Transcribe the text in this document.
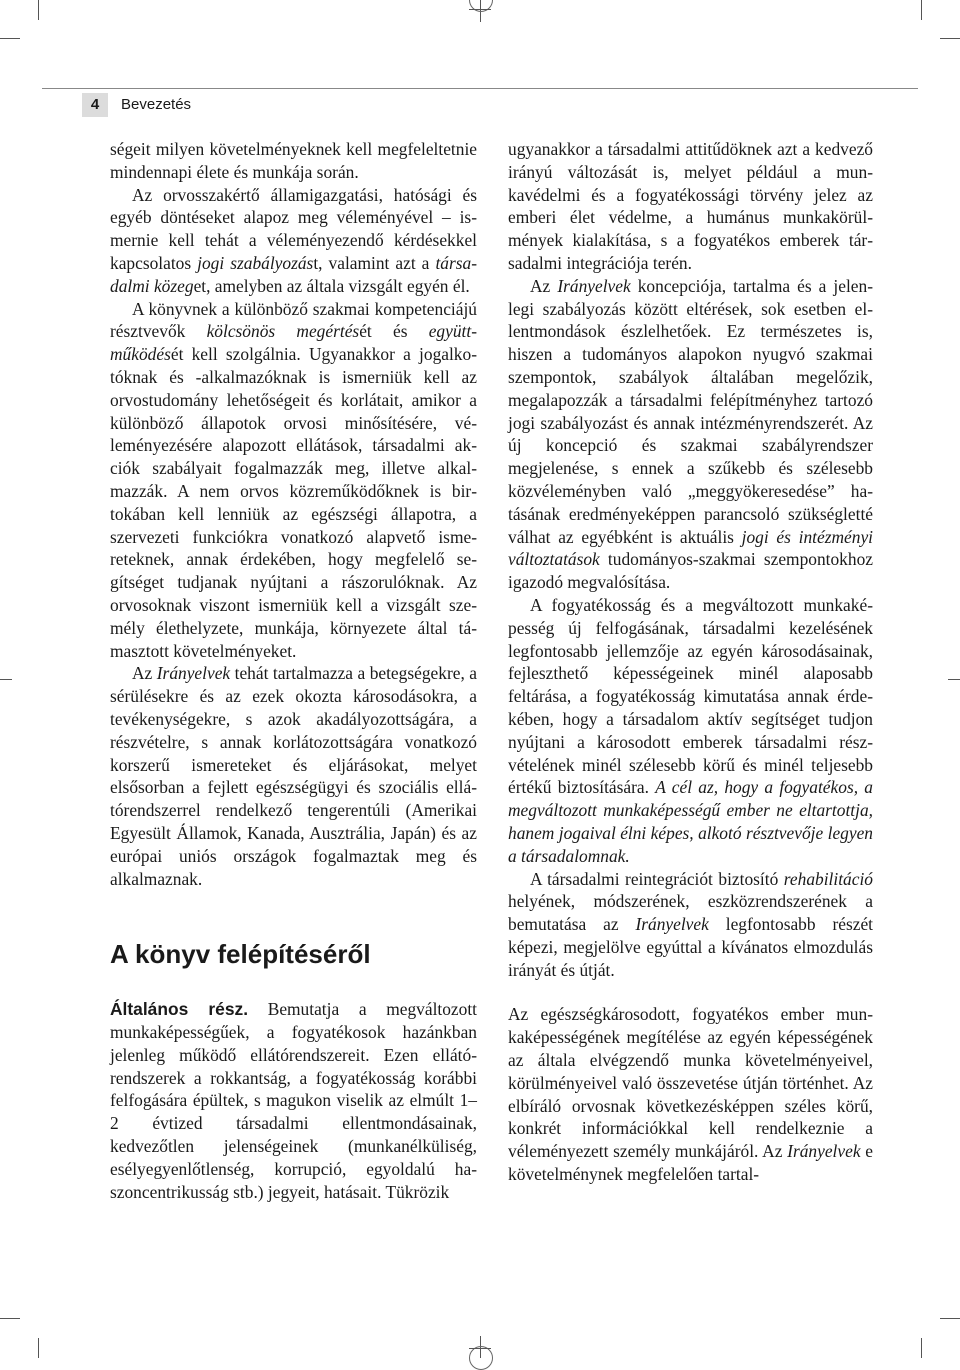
4	Bevezetés

ségeit milyen követelményeknek kell megfeleltetnie mindennapi élete és munkája során.

Az orvosszakértő államigazgatási, hatósági és egyéb döntéseket alapoz meg véleményével – ismernie kell tehát a véleményezendő kérdésekkel kapcsolatos jogi szabályozást, valamint azt a társadalmi közeget, amelyben az általa vizsgált egyén él.

A könyvnek a különböző szakmai kompetenciájú résztvevők kölcsönös megértését és együttműködését kell szolgálnia. Ugyanakkor a jogalkotóknak és -alkalmazóknak is ismerniük kell az orvostudomány lehetőségeit és korlátait, amikor a különböző állapotok orvosi minősítésére, véleményezésére alapozott ellátások, társadalmi akciók szabályait fogalmazzák meg, illetve alkalmazzák. A nem orvos közreműködőknek is birtokában kell lenniük az egészségi állapotra, a szervezeti funkciókra vonatkozó alapvető ismereteknek, annak érdekében, hogy megfelelő segítséget tudjanak nyújtani a rászorulóknak. Az orvosoknak viszont ismerniük kell a vizsgált személy élethelyzete, munkája, környezete által támasztott követelményeket.

Az Irányelvek tehát tartalmazza a betegségekre, a sérülésekre és az ezek okozta károsodásokra, a tevékenységekre, s azok akadályozottságára, a részvételre, s annak korlátozottságára vonatkozó korszerű ismereteket és eljárásokat, melyet elsősorban a fejlett egészségügyi és szociális ellátórendszerrel rendelkező tengerentúli (Amerikai Egyesült Államok, Kanada, Ausztrália, Japán) és az európai uniós országok fogalmaztak meg és alkalmaznak.

A könyv felépítéséről

Általános rész. Bemutatja a megváltozott munkaképességűek, a fogyatékosok hazánkban jelenleg működő ellátórendszereit. Ezen ellátórendszerek a rokkantság, a fogyatékosság korábbi felfogására épültek, s magukon viselik az elmúlt 1–2 évtized társadalmi ellentmondásainak, kedvezőtlen jelenségeinek (munkanélküliség, esélyegyenlőtlenség, korrupció, egyoldalú haszoncentrikusság stb.) jegyeit, hatásait. Tükrözik

ugyanakkor a társadalmi attitűdöknek azt a kedvező irányú változását is, melyet például a munkavédelmi és a fogyatékossági törvény jelez az emberi élet védelme, a humánus munkakörülmények kialakítása, s a fogyatékos emberek társadalmi integrációja terén.

Az Irányelvek koncepciója, tartalma és a jelenlegi szabályozás között eltérések, sok esetben ellentmondások észlelhetőek. Ez természetes is, hiszen a tudományos alapokon nyugvó szakmai szempontok, szabályok általában megelőzik, megalapozzák a társadalmi felépítményhez tartozó jogi szabályozást és annak intézményrendszerét. Az új koncepció és szakmai szabályrendszer megjelenése, s ennek a szűkebb és szélesebb közvéleményben való „meggyökeresedése” hatásának eredményeképpen parancsoló szükségletté válhat az egyébként is aktuális jogi és intézményi változtatások tudományos-szakmai szempontokhoz igazodó megvalósítása.

A fogyatékosság és a megváltozott munkaképesség új felfogásának, társadalmi kezelésének legfontosabb jellemzője az egyén károsodásainak, fejleszthető képességeinek minél alaposabb feltárása, a fogyatékosság kimutatása annak érdekében, hogy a társadalom aktív segítséget tudjon nyújtani a károsodott emberek társadalmi részvételének minél szélesebb körű és minél teljesebb értékű biztosítására. A cél az, hogy a fogyatékos, a megváltozott munkaképességű ember ne eltartottja, hanem jogaival élni képes, alkotó résztvevője legyen a társadalomnak.

A társadalmi reintegrációt biztosító rehabilitáció helyének, módszerének, eszközrendszerének a bemutatása az Irányelvek legfontosabb részét képezi, megjelölve egyúttal a kívánatos elmozdulás irányát és útját.

Az egészségkárosodott, fogyatékos ember munkaképességének megítélése az egyén képességének az általa elvégzendő munka követelményeivel, körülményeivel való összevetése útján történhet. Az elbíráló orvosnak következésképpen széles körű, konkrét információkkal kell rendelkeznie a véleményezett személy munkájáról. Az Irányelvek e követelménynek megfelelően tartal-
